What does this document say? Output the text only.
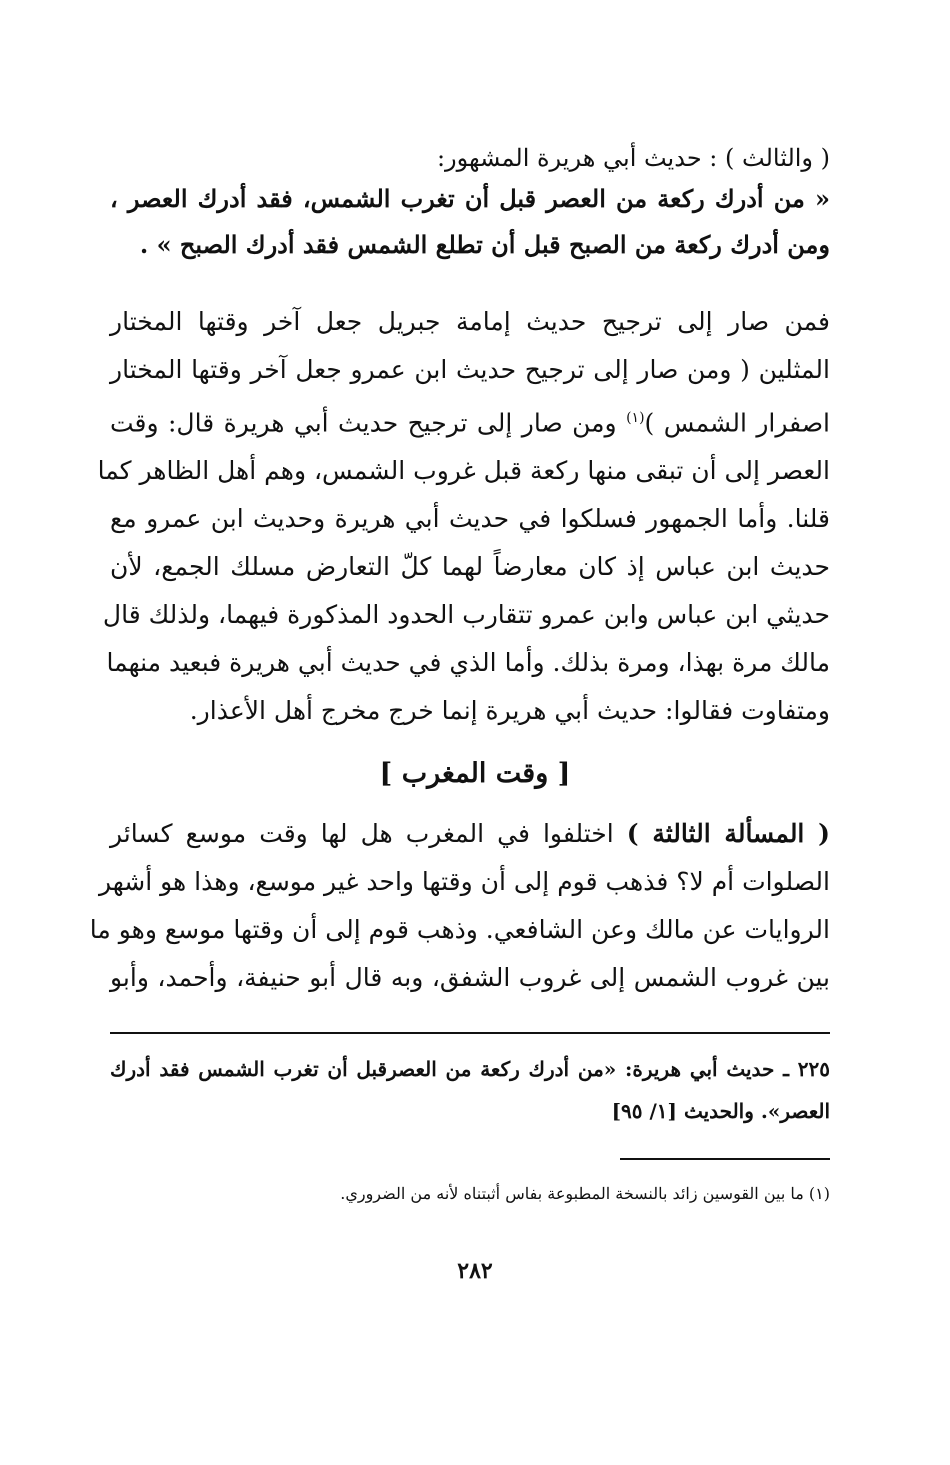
( والثالث ) : حديث أبي هريرة المشهور:
« من أدرك ركعة من العصر قبل أن تغرب الشمس، فقد أدرك العصر ،
ومن أدرك ركعة من الصبح قبل أن تطلع الشمس فقد أدرك الصبح » .
فمن صار إلى ترجيح حديث إمامة جبريل جعل آخر وقتها المختار
المثلين ( ومن صار إلى ترجيح حديث ابن عمرو جعل آخر وقتها المختار
اصفرار الشمس )$^{(١)}$ ومن صار إلى ترجيح حديث أبي هريرة قال: وقت
العصر إلى أن تبقى منها ركعة قبل غروب الشمس، وهم أهل الظاهر كما
قلنا. وأما الجمهور فسلكوا في حديث أبي هريرة وحديث ابن عمرو مع
حديث ابن عباس إذ كان معارضاً لهما كلّ التعارض مسلك الجمع، لأن
حديثي ابن عباس وابن عمرو تتقارب الحدود المذكورة فيهما، ولذلك قال
مالك مرة بهذا، ومرة بذلك. وأما الذي في حديث أبي هريرة فبعيد منهما
ومتفاوت فقالوا: حديث أبي هريرة إنما خرج مخرج أهل الأعذار.
[ وقت المغرب ]
( المسألة الثالثة ) اختلفوا في المغرب هل لها وقت موسع كسائر
الصلوات أم لا؟ فذهب قوم إلى أن وقتها واحد غير موسع، وهذا هو أشهر
الروايات عن مالك وعن الشافعي. وذهب قوم إلى أن وقتها موسع وهو ما
بين غروب الشمس إلى غروب الشفق، وبه قال أبو حنيفة، وأحمد، وأبو
٢٢٥ ـ حديث أبي هريرة: «من أدرك ركعة من العصرقبل أن تغرب الشمس فقد أدرك
العصر». والحديث [١/ ٩٥]
(١) ما بين القوسين زائد بالنسخة المطبوعة بفاس أثبتناه لأنه من الضروري.
٢٨٢
